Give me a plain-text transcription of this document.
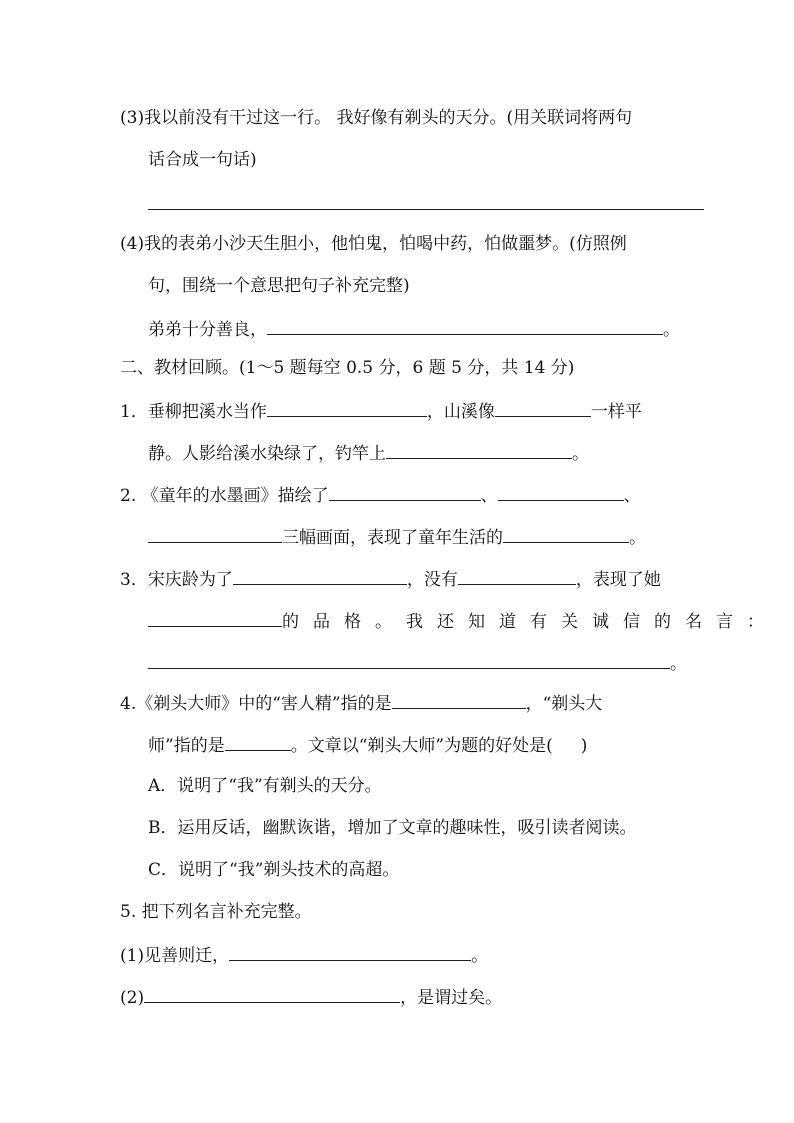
(3)我以前没有干过这一行。 我好像有剃头的天分。(用关联词将两句
话合成一句话)
(4)我的表弟小沙天生胆小，他怕鬼，怕喝中药，怕做噩梦。(仿照例
句，围绕一个意思把句子补充完整)
弟弟十分善良，	。
二、教材回顾。(1～5 题每空 0.5 分，6 题 5 分，共 14 分)
1．垂柳把溪水当作	，山溪像	一样平
静。人影给溪水染绿了，钓竿上	。
2. 《童年的水墨画》描绘了	、	、
三幅画面，表现了童年生活的	。
3．宋庆龄为了	，没有	，表现了她
的品格。我还知道有关诚信的名言：
。
4.《剃头大师》中的“害人精”指的是	，“剃头大
师”指的是	。文章以“剃头大师”为题的好处是( )
A．说明了“我”有剃头的天分。
B．运用反话，幽默诙谐，增加了文章的趣味性，吸引读者阅读。
C．说明了“我”剃头技术的高超。
5. 把下列名言补充完整。
(1)见善则迁，	。
(2)	，是谓过矣。
